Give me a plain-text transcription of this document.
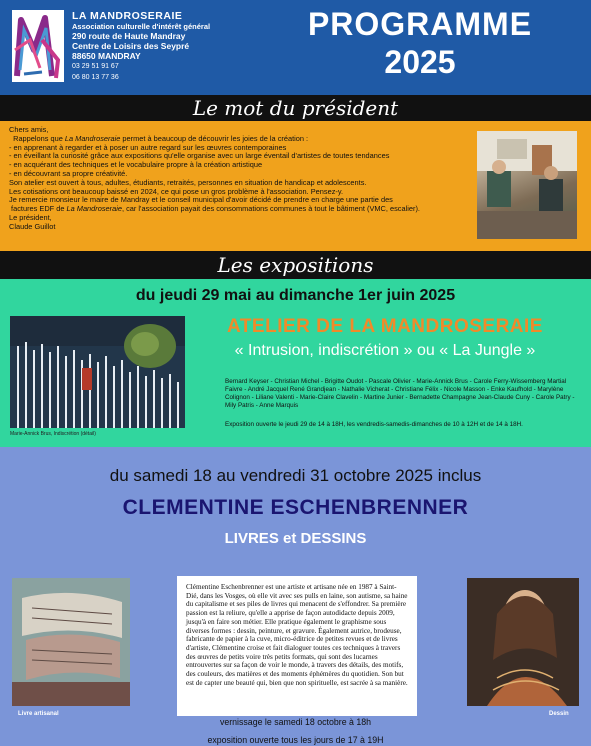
LA MANDROSERAIE
Association culturelle d'intérêt général
290 route de Haute Mandray
Centre de Loisirs des Seypré
88650 MANDRAY
03 29 51 91 67
06 80 13 77 36
PROGRAMME
2025
Le mot du président
Chers amis,
Rappelons que La Mandroseraie permet à beaucoup de découvrir les joies de la création :
- en apprenant à regarder et à poser un autre regard sur les œuvres contemporaines
- en éveillant la curiosité grâce aux expositions qu'elle organise avec un large éventail d'artistes de toutes tendances
- en acquérant des techniques et le vocabulaire propre à la création artistique
- en découvrant sa propre créativité.
Son atelier est ouvert à tous, adultes, étudiants, retraités, personnes en situation de handicap et adolescents.
Les cotisations ont beaucoup baissé en 2024, ce qui pose un gros problème à l'association. Pensez-y.
Je remercie monsieur le maire de Mandray et le conseil municipal d'avoir décidé de prendre en charge une partie des
factures EDF de La Mandroseraie, car l'association payait des consommations communes à tout le bâtiment (VMC, escalier).
Le président,
Claude Guillot
Les expositions
du jeudi 29 mai au dimanche 1er juin 2025
Marie-Annick Brus, Indiscrétion (détail)
ATELIER DE LA MANDROSERAIE
« Intrusion, indiscrétion » ou « La Jungle »
Bernard Keyser - Christian Michel - Brigitte Oudot - Pascale Olivier - Marie-Annick Brus - Carole Ferry-Wissemberg Martial Faivre - André Jacquel René Grandjean - Nathalie Vicherat - Christiane Félix - Nicole Masson - Enke Kaufhold - Marylène Colignon - Liliane Valenti - Marie-Claire Clavelin - Martine Junier - Bernadette Champagne Jean-Claude Cuny - Carole Patry - Mily Patris - Anne Marquis
Exposition ouverte le jeudi 29 de 14 à 18H, les vendredis-samedis-dimanches de 10 à 12H et de 14 à 18H.
du samedi 18 au vendredi 31 octobre 2025 inclus
CLEMENTINE ESCHENBRENNER
LIVRES et DESSINS
Livre artisanal
Clémentine Eschenbrenner est une artiste et artisane née en 1987 à Saint-Dié, dans les Vosges, où elle vit avec ses pulls en laine, son autisme, sa haine du capitalisme et ses piles de livres qui menacent de s'effondrer. Sa première passion est la reliure, qu'elle a apprise de façon autodidacte depuis 2009, jusqu'à en faire son métier. Elle pratique également le graphisme sous diverses formes : dessin, peinture, et gravure. Également autrice, brodeuse, fabricante de papier à la cuve, micro-éditrice de petites revues et de livres d'artiste, Clémentine croise et fait dialoguer toutes ces techniques à travers des œuvres de petits voire très petits formats, qui sont des lucarnes entrouvertes sur sa façon de voir le monde, à travers des détails, des motifs, des couleurs, des matières et des moments éphémères du quotidien. Son but est de capter une beauté qui, bien que non spirituelle, est sacrée à sa manière.
Dessin
vernissage le samedi 18 octobre à 18h
exposition ouverte tous les jours de 17 à 19H
